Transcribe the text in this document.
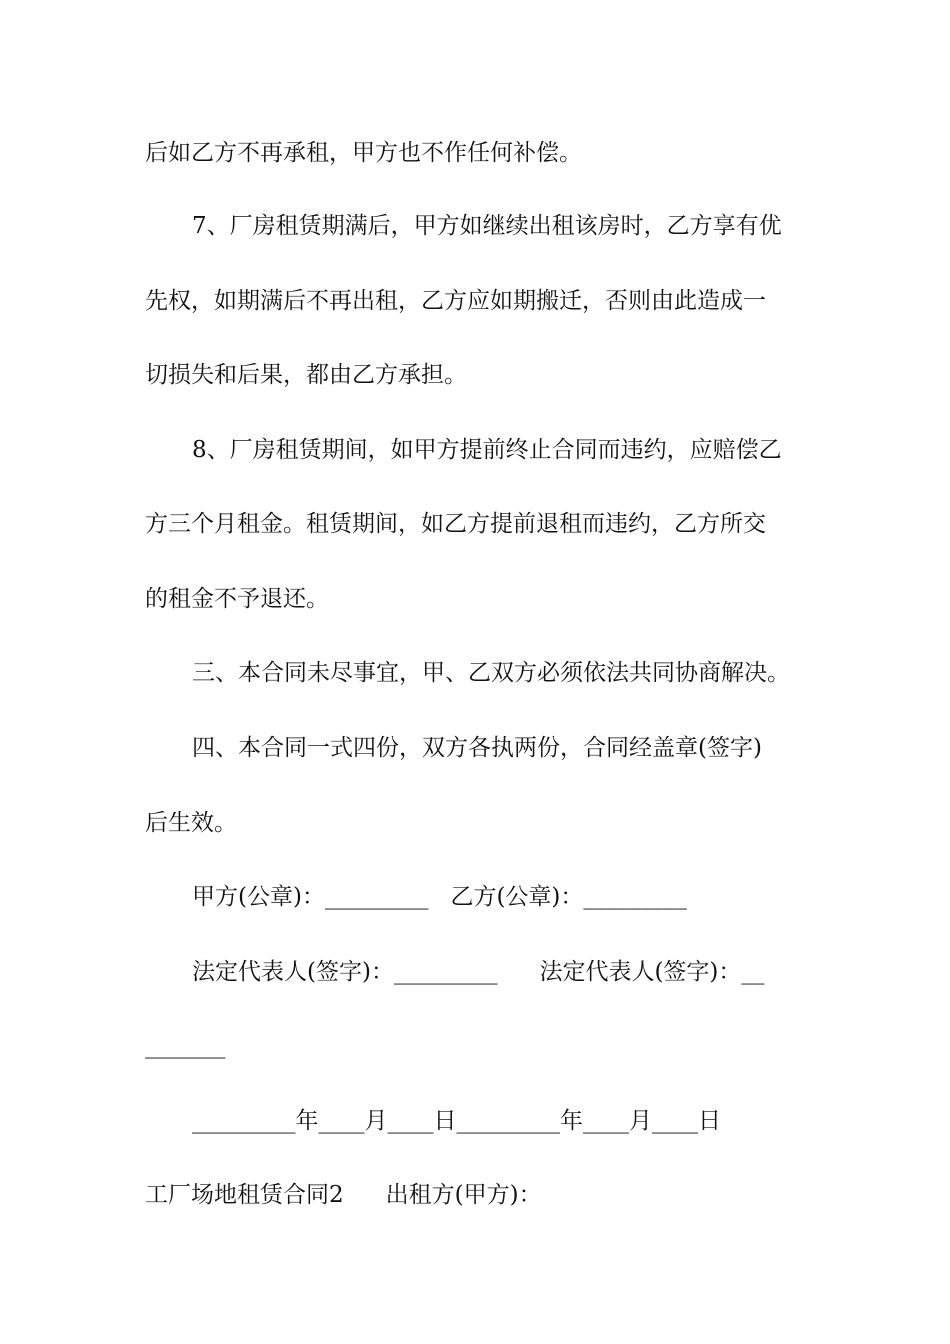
后如乙方不再承租，甲方也不作任何补偿。
7、厂房租赁期满后，甲方如继续出租该房时，乙方享有优
先权，如期满后不再出租，乙方应如期搬迁，否则由此造成一
切损失和后果，都由乙方承担。
8、厂房租赁期间，如甲方提前终止合同而违约，应赔偿乙
方三个月租金。租赁期间，如乙方提前退租而违约，乙方所交
的租金不予退还。
三、本合同未尽事宜，甲、乙双方必须依法共同协商解决。
四、本合同一式四份，双方各执两份，合同经盖章(签字)
后生效。
甲方(公章)：_________ 乙方(公章)：_________
法定代表人(签字)：_________ 法定代表人(签字)：__
_______
_________年____月____日_________年____月____日
工厂场地租赁合同2 出租方(甲方)：
